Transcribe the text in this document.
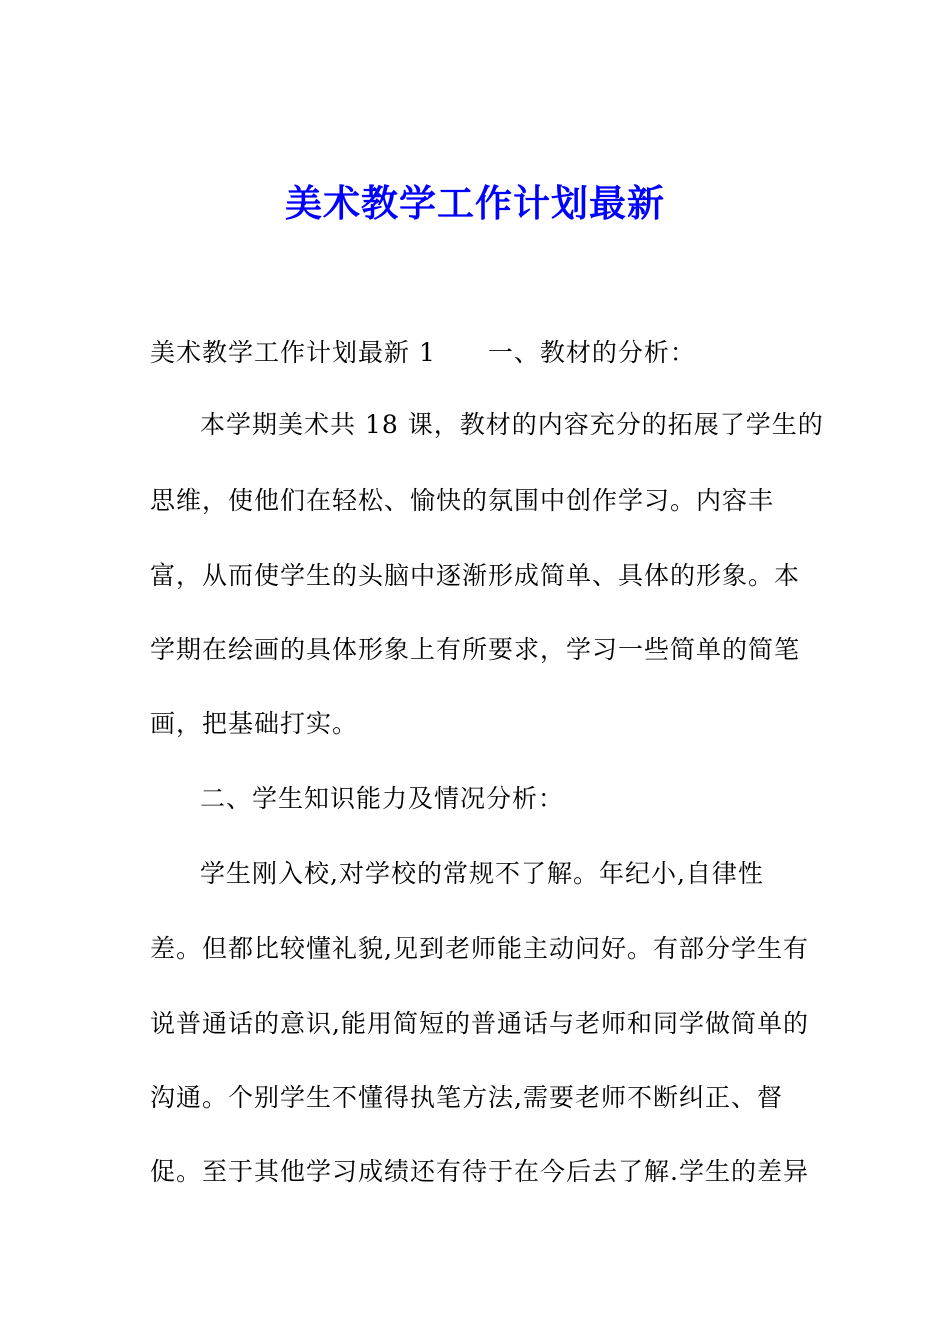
美术教学工作计划最新
美术教学工作计划最新 1 一、教材的分析：
本学期美术共 18 课，教材的内容充分的拓展了学生的
思维，使他们在轻松、愉快的氛围中创作学习。内容丰
富，从而使学生的头脑中逐渐形成简单、具体的形象。本
学期在绘画的具体形象上有所要求，学习一些简单的简笔
画，把基础打实。
二、学生知识能力及情况分析：
学生刚入校,对学校的常规不了解。年纪小,自律性
差。但都比较懂礼貌,见到老师能主动问好。有部分学生有
说普通话的意识,能用简短的普通话与老师和同学做简单的
沟通。个别学生不懂得执笔方法,需要老师不断纠正、督
促。至于其他学习成绩还有待于在今后去了解.学生的差异
